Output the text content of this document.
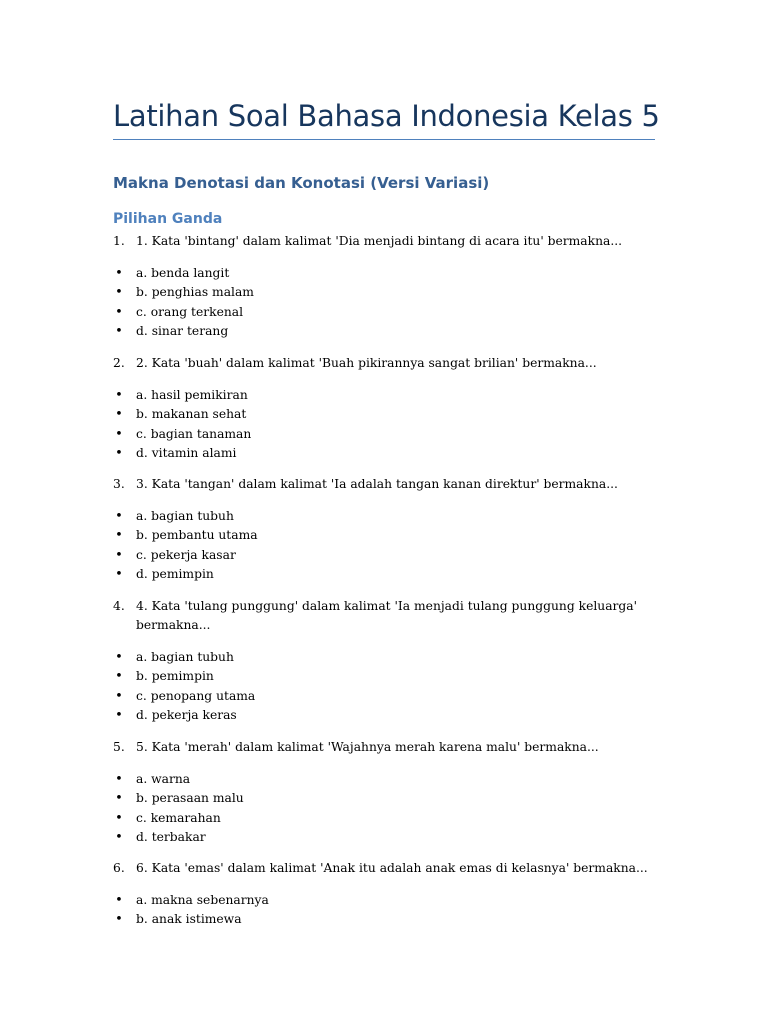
Latihan Soal Bahasa Indonesia Kelas 5
Makna Denotasi dan Konotasi (Versi Variasi)
Pilihan Ganda
1. 1. Kata 'bintang' dalam kalimat 'Dia menjadi bintang di acara itu' bermakna...
• a. benda langit
• b. penghias malam
• c. orang terkenal
• d. sinar terang
2. 2. Kata 'buah' dalam kalimat 'Buah pikirannya sangat brilian' bermakna...
• a. hasil pemikiran
• b. makanan sehat
• c. bagian tanaman
• d. vitamin alami
3. 3. Kata 'tangan' dalam kalimat 'Ia adalah tangan kanan direktur' bermakna...
• a. bagian tubuh
• b. pembantu utama
• c. pekerja kasar
• d. pemimpin
4. 4. Kata 'tulang punggung' dalam kalimat 'Ia menjadi tulang punggung keluarga' bermakna...
• a. bagian tubuh
• b. pemimpin
• c. penopang utama
• d. pekerja keras
5. 5. Kata 'merah' dalam kalimat 'Wajahnya merah karena malu' bermakna...
• a. warna
• b. perasaan malu
• c. kemarahan
• d. terbakar
6. 6. Kata 'emas' dalam kalimat 'Anak itu adalah anak emas di kelasnya' bermakna...
• a. makna sebenarnya
• b. anak istimewa
